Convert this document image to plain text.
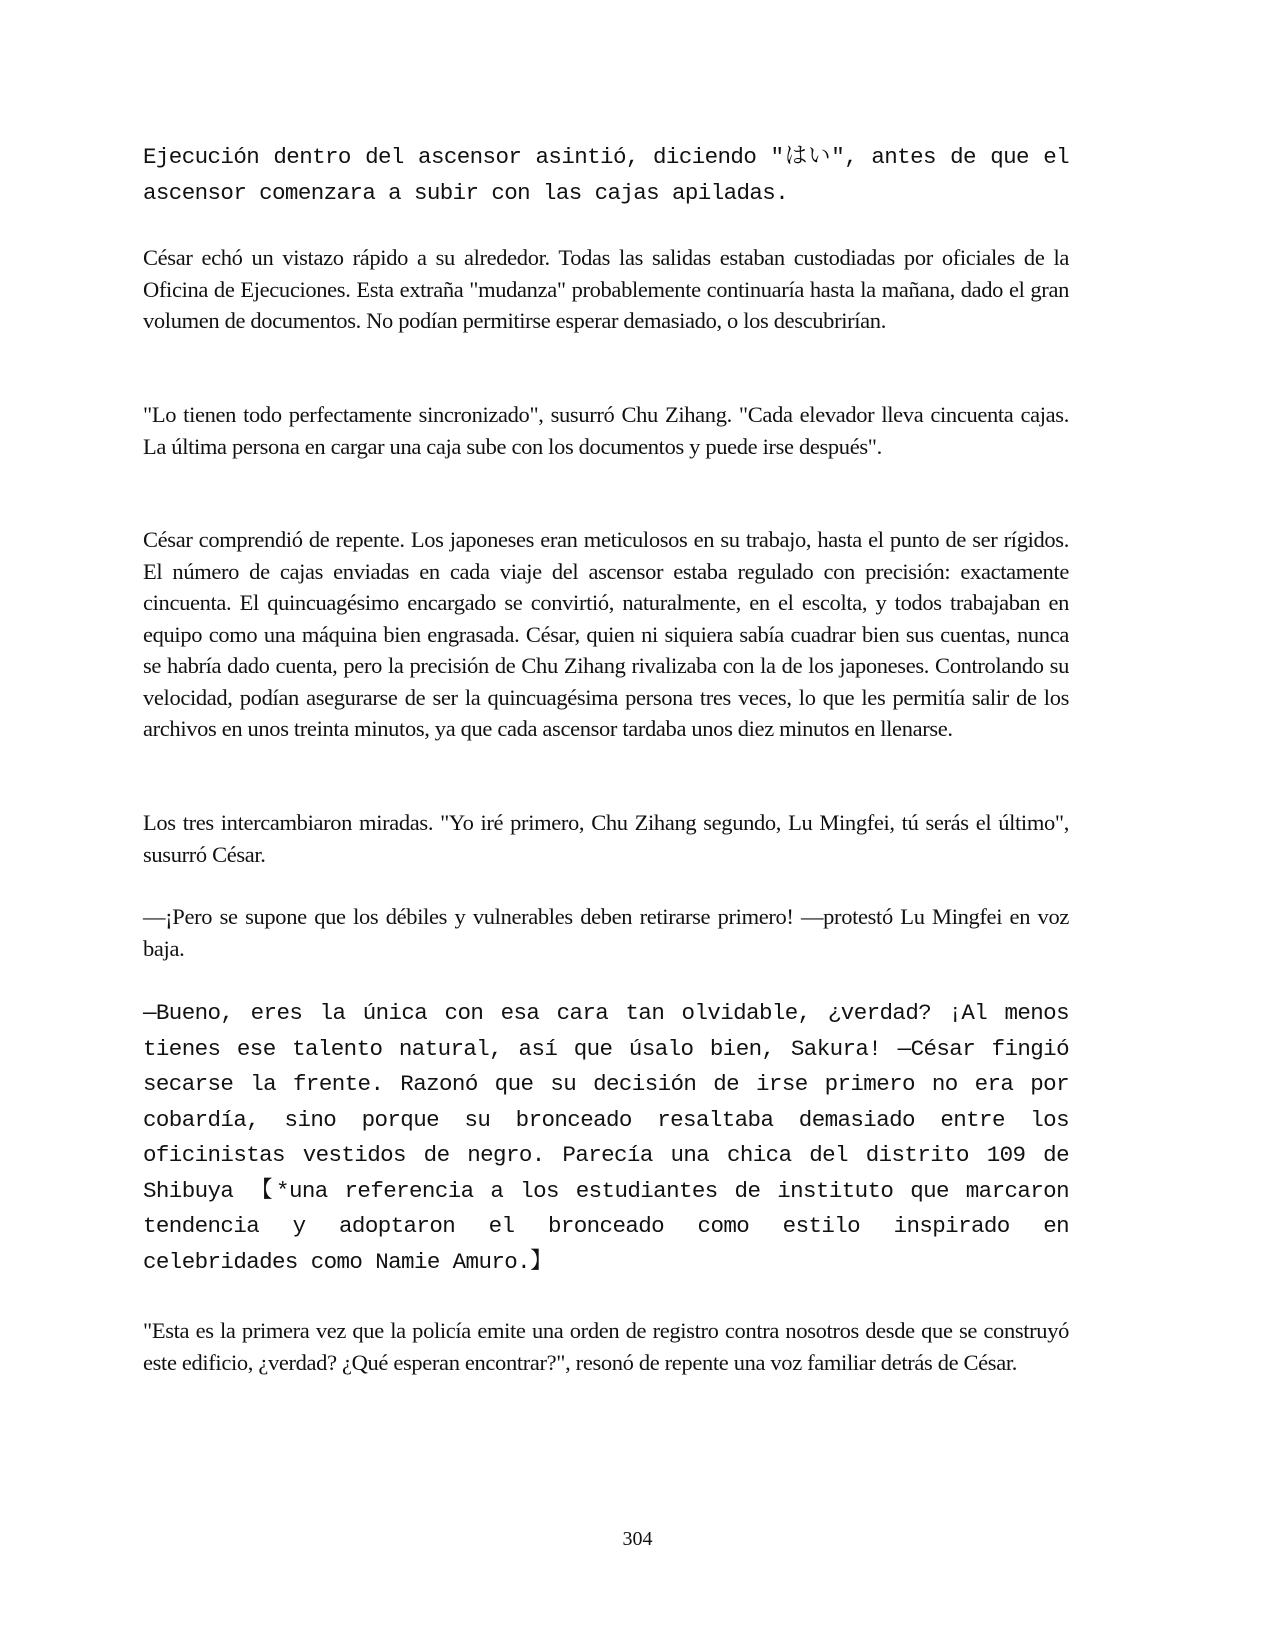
Ejecución dentro del ascensor asintió, diciendo "はい", antes de que el ascensor comenzara a subir con las cajas apiladas.

César echó un vistazo rápido a su alrededor. Todas las salidas estaban custodiadas por oficiales de la Oficina de Ejecuciones. Esta extraña "mudanza" probablemente continuaría hasta la mañana, dado el gran volumen de documentos. No podían permitirse esperar demasiado, o los descubrirían.

"Lo tienen todo perfectamente sincronizado", susurró Chu Zihang. "Cada elevador lleva cincuenta cajas. La última persona en cargar una caja sube con los documentos y puede irse después".

César comprendió de repente. Los japoneses eran meticulosos en su trabajo, hasta el punto de ser rígidos. El número de cajas enviadas en cada viaje del ascensor estaba regulado con precisión: exactamente cincuenta. El quincuagésimo encargado se convirtió, naturalmente, en el escolta, y todos trabajaban en equipo como una máquina bien engrasada. César, quien ni siquiera sabía cuadrar bien sus cuentas, nunca se habría dado cuenta, pero la precisión de Chu Zihang rivalizaba con la de los japoneses. Controlando su velocidad, podían asegurarse de ser la quincuagésima persona tres veces, lo que les permitía salir de los archivos en unos treinta minutos, ya que cada ascensor tardaba unos diez minutos en llenarse.

Los tres intercambiaron miradas. "Yo iré primero, Chu Zihang segundo, Lu Mingfei, tú serás el último", susurró César.

—¡Pero se supone que los débiles y vulnerables deben retirarse primero! —protestó Lu Mingfei en voz baja.

—Bueno, eres la única con esa cara tan olvidable, ¿verdad? ¡Al menos tienes ese talento natural, así que úsalo bien, Sakura! —César fingió secarse la frente. Razonó que su decisión de irse primero no era por cobardía, sino porque su bronceado resaltaba demasiado entre los oficinistas vestidos de negro. Parecía una chica del distrito 109 de Shibuya 【*una referencia a los estudiantes de instituto que marcaron tendencia y adoptaron el bronceado como estilo inspirado en celebridades como Namie Amuro.】

"Esta es la primera vez que la policía emite una orden de registro contra nosotros desde que se construyó este edificio, ¿verdad? ¿Qué esperan encontrar?", resonó de repente una voz familiar detrás de César.

304
